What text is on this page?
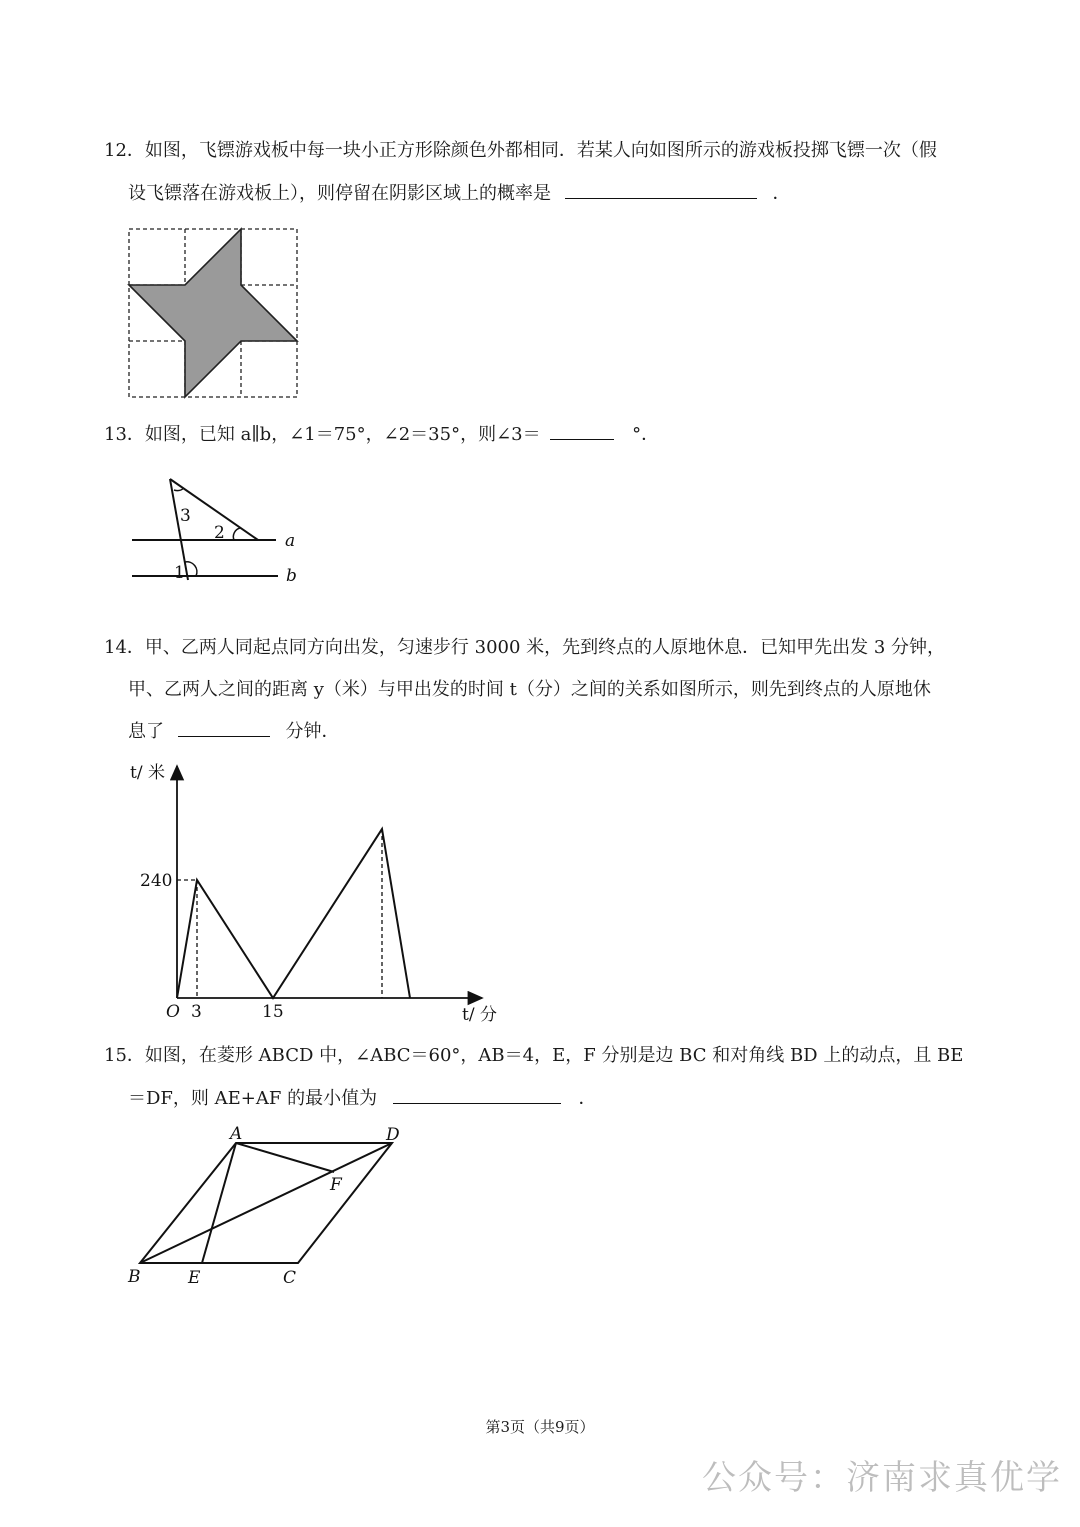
12．如图，飞镖游戏板中每一块小正方形除颜色外都相同．若某人向如图所示的游戏板投掷飞镖一次（假
设飞镖落在游戏板上），则停留在阴影区域上的概率是	．
13．如图，已知 a∥b，∠1＝75°，∠2＝35°，则∠3＝	°．
3
2
1
a
b
14．甲、乙两人同起点同方向出发，匀速步行 3000 米，先到终点的人原地休息．已知甲先出发 3 分钟，
甲、乙两人之间的距离 y（米）与甲出发的时间 t（分）之间的关系如图所示，则先到终点的人原地休
息了	分钟．
t/ 米
t/ 分
O
240
3	15
15．如图，在菱形 ABCD 中，∠ABC＝60°，AB＝4，E，F 分别是边 BC 和对角线 BD 上的动点，且 BE
＝DF，则 AE+AF 的最小值为	．
A	D
F
B	E	C
第3页（共9页）
公众号：济南求真优学
